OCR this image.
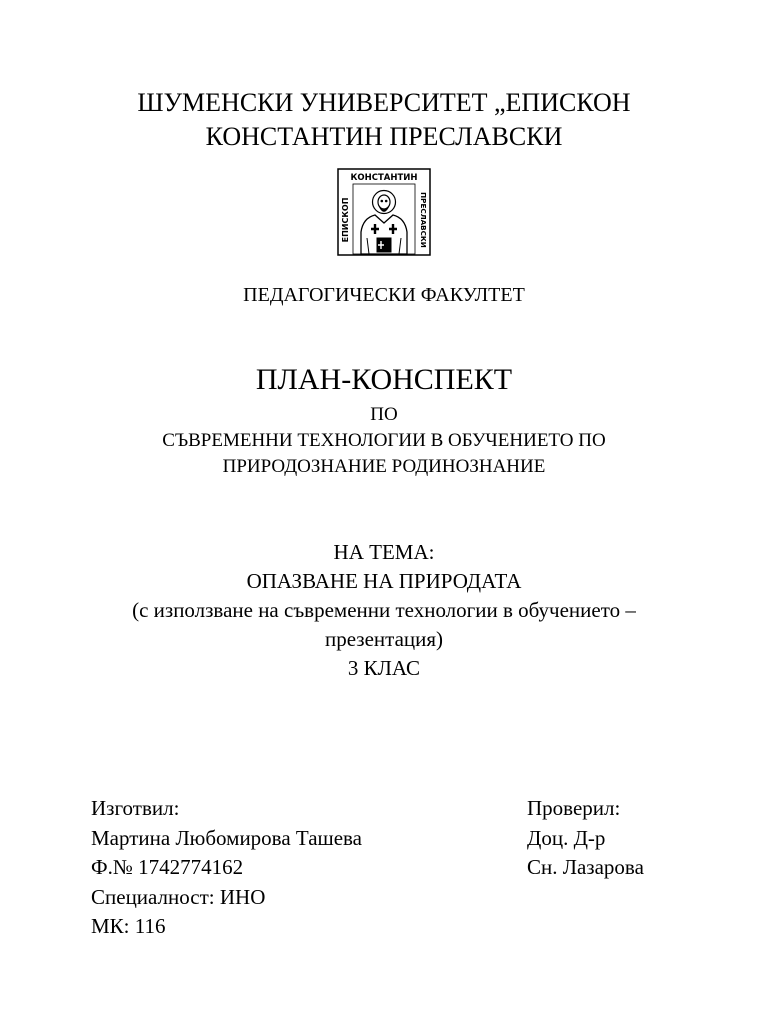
ШУМЕНСКИ УНИВЕРСИТЕТ „ЕПИСКОН
КОНСТАНТИН ПРЕСЛАВСКИ
КОНСТАНТИН
ЕПИСКОП	ПРЕСЛАВСКИ
ПЕДАГОГИЧЕСКИ ФАКУЛТЕТ
ПЛАН-КОНСПЕКТ
ПО
СЪВРЕМЕННИ ТЕХНОЛОГИИ В ОБУЧЕНИЕТО ПО
ПРИРОДОЗНАНИЕ РОДИНОЗНАНИЕ
НА ТЕМА:
ОПАЗВАНЕ НА ПРИРОДАТА
(с използване на съвременни технологии в обучението –
презентация)
3 КЛАС
Изготвил:
Мартина Любомирова Ташева
Ф.№ 1742774162
Специалност: ИНО
МК: 116
Проверил:
Доц. Д-р
Сн. Лазарова
